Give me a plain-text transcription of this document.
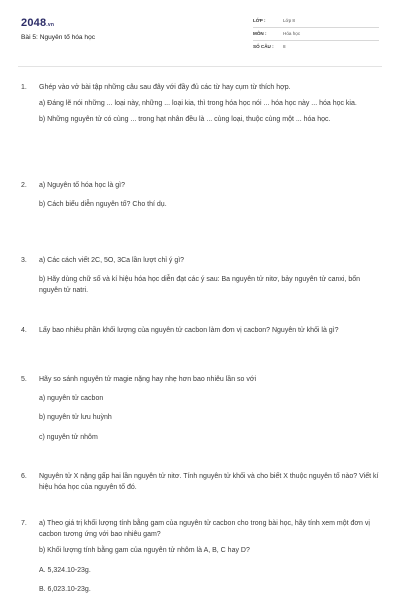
2048.vn
Bài 5: Nguyên tố hóa học
LỚP :	Lớp 8
MÔN :	Hóa học
SỐ CÂU : 8
1. Ghép vào vở bài tập những câu sau đây với đầy đủ các từ hay cụm từ thích hợp.

a) Đáng lẽ nói những ... loại này, những ... loại kia, thì trong hóa học nói ... hóa học này ... hóa học kia.

b) Những nguyên tử có cùng ... trong hạt nhân đều là ... cùng loại, thuộc cùng một ... hóa học.

2. a) Nguyên tố hóa học là gì?

b) Cách biểu diễn nguyên tố? Cho thí dụ.

3. a) Các cách viết 2C, 5O, 3Ca lần lượt chỉ ý gì?

b) Hãy dùng chữ số và kí hiệu hóa học diễn đạt các ý sau: Ba nguyên tử nitơ, bảy nguyên tử canxi, bốn nguyên tử natri.

4. Lấy bao nhiêu phần khối lượng của nguyên tử cacbon làm đơn vị cacbon? Nguyên tử khối là gì?

5. Hãy so sánh nguyên tử magie nặng hay nhẹ hơn bao nhiêu lần so với

a) nguyên tử cacbon

b) nguyên tử lưu huỳnh

c) nguyên tử nhôm

6. Nguyên tử X nặng gấp hai lần nguyên tử nitơ. Tính nguyên tử khối và cho biết X thuộc nguyên tố nào? Viết kí hiệu hóa học của nguyên tố đó.

7. a) Theo giá trị khối lượng tính bằng gam của nguyên tử cacbon cho trong bài học, hãy tính xem một đơn vị cacbon tương ứng với bao nhiêu gam?

b) Khối lượng tính bằng gam của nguyên tử nhôm là A, B, C hay D?

A. 5,324.10-23g.

B. 6,023.10-23g.
